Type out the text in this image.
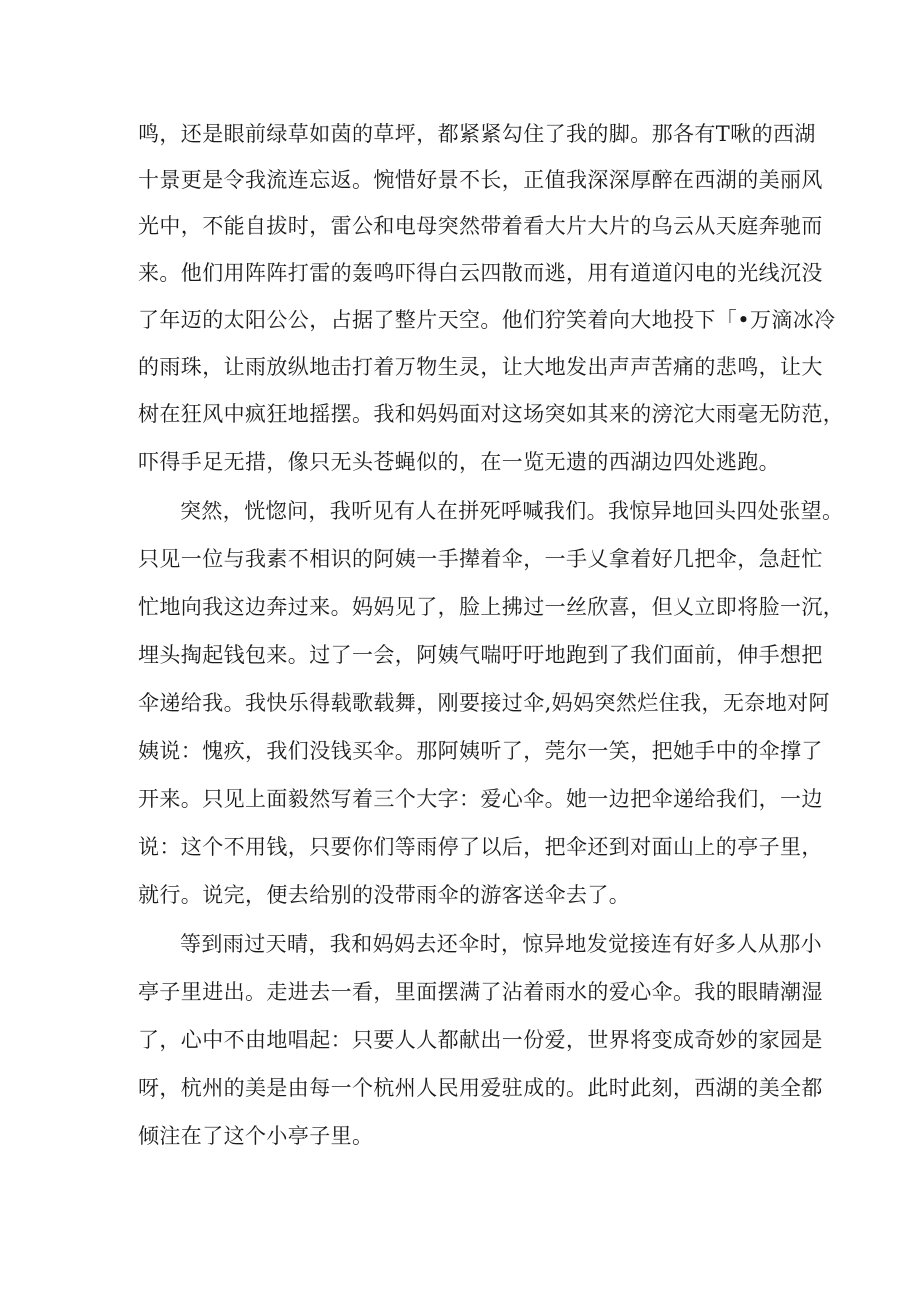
鸣，还是眼前绿草如茵的草坪，都紧紧勾住了我的脚。那各有T啾的西湖
十景更是令我流连忘返。惋惜好景不长，正值我深深厚醉在西湖的美丽风
光中，不能自拔时，雷公和电母突然带着看大片大片的乌云从天庭奔驰而
来。他们用阵阵打雷的轰鸣吓得白云四散而逃，用有道道闪电的光线沉没
了年迈的太阳公公，占据了整片天空。他们狞笑着向大地投下「•万滴冰冷
的雨珠，让雨放纵地击打着万物生灵，让大地发出声声苦痛的悲鸣，让大
树在狂风中疯狂地摇摆。我和妈妈面对这场突如其来的滂沱大雨毫无防范，
吓得手足无措，像只无头苍蝇似的，在一览无遗的西湖边四处逃跑。
突然，恍惚问，我听见有人在拼死呼喊我们。我惊异地回头四处张望。
只见一位与我素不相识的阿姨一手撵着伞，一手乂拿着好几把伞，急赶忙
忙地向我这边奔过来。妈妈见了，脸上拂过一丝欣喜，但乂立即将脸一沉，
埋头掏起钱包来。过了一会，阿姨气喘吁吁地跑到了我们面前，伸手想把
伞递给我。我快乐得载歌载舞，刚要接过伞,妈妈突然烂住我，无奈地对阿
姨说：愧疚，我们没钱买伞。那阿姨听了，莞尔一笑，把她手中的伞撑了
开来。只见上面毅然写着三个大字：爱心伞。她一边把伞递给我们，一边
说：这个不用钱，只要你们等雨停了以后，把伞还到对面山上的亭子里，
就行。说完，便去给别的没带雨伞的游客送伞去了。
等到雨过天晴，我和妈妈去还伞时，惊异地发觉接连有好多人从那小
亭子里进出。走进去一看，里面摆满了沾着雨水的爱心伞。我的眼睛潮湿
了，心中不由地唱起：只要人人都献出一份爱，世界将变成奇妙的家园是
呀，杭州的美是由每一个杭州人民用爱驻成的。此时此刻，西湖的美全都
倾注在了这个小亭子里。
